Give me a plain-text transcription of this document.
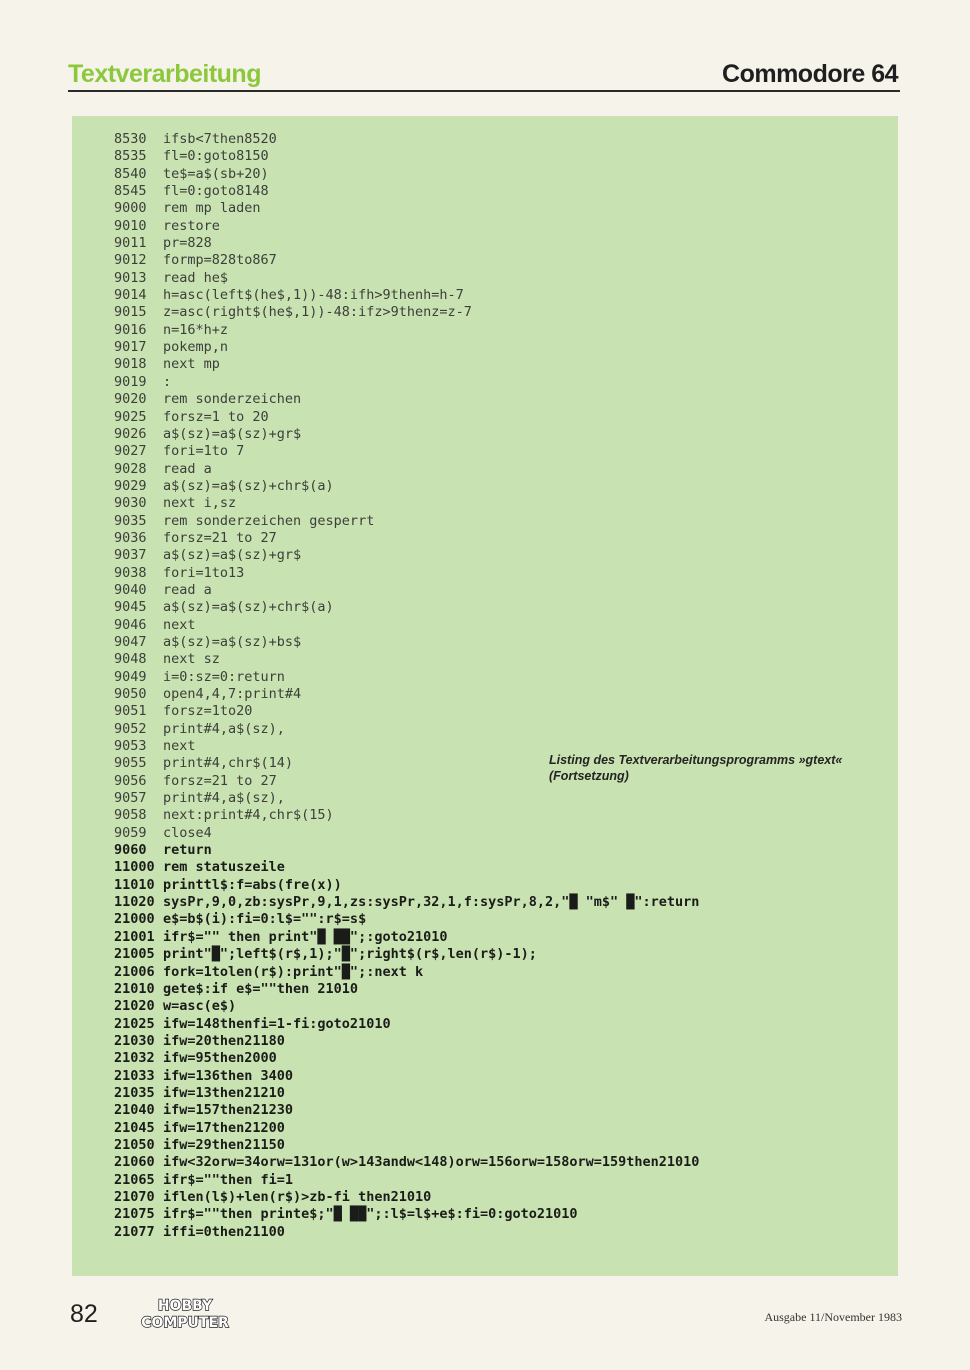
Textverarbeitung	Commodore 64
8530 ifsb<7then8520
8535 fl=0:goto8150
8540 te$=a$(sb+20)
8545 fl=0:goto8148
9000 rem mp laden
9010 restore
9011 pr=828
9012 formp=828to867
9013 read he$
9014 h=asc(left$(he$,1))-48:ifh>9thenh=h-7
9015 z=asc(right$(he$,1))-48:ifz>9thenz=z-7
9016 n=16*h+z
9017 pokemp,n
9018 next mp
9019 :
9020 rem sonderzeichen
9025 forsz=1 to 20
9026 a$(sz)=a$(sz)+gr$
9027 fori=1to 7
9028 read a
9029 a$(sz)=a$(sz)+chr$(a)
9030 next i,sz
9035 rem sonderzeichen gesperrt
9036 forsz=21 to 27
9037 a$(sz)=a$(sz)+gr$
9038 fori=1to13
9040 read a
9045 a$(sz)=a$(sz)+chr$(a)
9046 next
9047 a$(sz)=a$(sz)+bs$
9048 next sz
9049 i=0:sz=0:return
9050 open4,4,7:print#4
9051 forsz=1to20
9052 print#4,a$(sz),
9053 next
9055 print#4,chr$(14)
9056 forsz=21 to 27
9057 print#4,a$(sz),
9058 next:print#4,chr$(15)
9059 close4
9060 return
11000 rem statuszeile
11010 printtl$:f=abs(fre(x))
11020 sysPr,9,0,zb:sysPr,9,1,zs:sysPr,32,1,f:sysPr,8,2,"█ "m$" █":return
21000 e$=b$(i):fi=0:l$="":r$=s$
21001 ifr$="" then print"█ ██";:goto21010
21005 print"█";left$(r$,1);"█";right$(r$,len(r$)-1);
21006 fork=1tolen(r$):print"█";:next k
21010 gete$:if e$=""then 21010
21020 w=asc(e$)
21025 ifw=148thenfi=1-fi:goto21010
21030 ifw=20then21180
21032 ifw=95then2000
21033 ifw=136then 3400
21035 ifw=13then21210
21040 ifw=157then21230
21045 ifw=17then21200
21050 ifw=29then21150
21060 ifw<32orw=34orw=131or(w>143andw<148)orw=156orw=158orw=159then21010
21065 ifr$=""then fi=1
21070 iflen(l$)+len(r$)>zb-fi then21010
21075 ifr$=""then printe$;"█ ██";:l$=l$+e$:fi=0:goto21010
21077 iffi=0then21100
Listing des Textverarbeitungsprogramms »gtext«
(Fortsetzung)
82	HOBBY
COMPUTER	Ausgabe 11/November 1983
